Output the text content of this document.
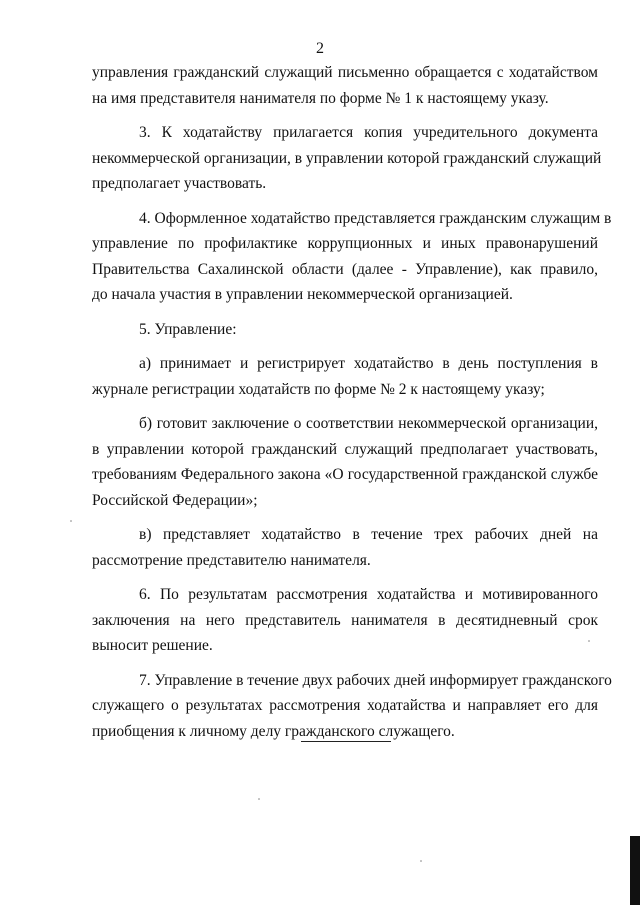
2
управления гражданский служащий письменно обращается с ходатайством
на имя представителя нанимателя по форме № 1 к настоящему указу.
3. К ходатайству прилагается копия учредительного документа
некоммерческой организации, в управлении которой гражданский служащий
предполагает участвовать.
4. Оформленное ходатайство представляется гражданским служащим в
управление по профилактике коррупционных и иных правонарушений
Правительства Сахалинской области (далее - Управление), как правило,
до начала участия в управлении некоммерческой организацией.
5. Управление:
а) принимает и регистрирует ходатайство в день поступления в
журнале регистрации ходатайств по форме № 2 к настоящему указу;
б) готовит заключение о соответствии некоммерческой организации,
в управлении которой гражданский служащий предполагает участвовать,
требованиям Федерального закона «О государственной гражданской службе
Российской Федерации»;
в) представляет ходатайство в течение трех рабочих дней на
рассмотрение представителю нанимателя.
6. По результатам рассмотрения ходатайства и мотивированного
заключения на него представитель нанимателя в десятидневный срок
выносит решение.
7. Управление в течение двух рабочих дней информирует гражданского
служащего о результатах рассмотрения ходатайства и направляет его для
приобщения к личному делу гражданского служащего.
